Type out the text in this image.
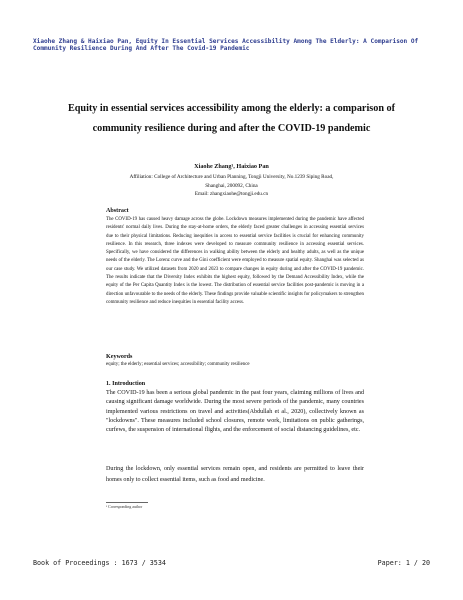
Xiaohe Zhang & Haixiao Pan, Equity In Essential Services Accessibility Among The Elderly: A Comparison Of Community Resilience During And After The Covid-19 Pandemic
Equity in essential services accessibility among the elderly: a comparison of community resilience during and after the COVID-19 pandemic
Xiaohe Zhang¹, Haixiao Pan
Affiliation: College of Architecture and Urban Planning, Tongji University, No.1239 Siping Road,
Shanghai, 200092, China
Email: zhangxiaohe@tongji.edu.cn
Abstract
The COVID-19 has caused heavy damage across the globe. Lockdown measures implemented during the pandemic have affected residents' normal daily lives. During the stay-at-home orders, the elderly faced greater challenges in accessing essential services due to their physical limitations. Reducing inequities in access to essential service facilities is crucial for enhancing community resilience. In this research, three indexes were developed to measure community resilience in accessing essential services. Specifically, we have considered the differences in walking ability between the elderly and healthy adults, as well as the unique needs of the elderly. The Lorenz curve and the Gini coefficient were employed to measure spatial equity. Shanghai was selected as our case study. We utilized datasets from 2020 and 2023 to compare changes in equity during and after the COVID-19 pandemic. The results indicate that the Diversity Index exhibits the highest equity, followed by the Demand Accessibility Index, while the equity of the Per Capita Quantity Index is the lowest. The distribution of essential service facilities post-pandemic is moving in a direction unfavourable to the needs of the elderly. These findings provide valuable scientific insights for policymakers to strengthen community resilience and reduce inequities in essential facility access.
Keywords
equity; the elderly; essential services; accessibility; community resilience
1. Introduction
The COVID-19 has been a serious global pandemic in the past four years, claiming millions of lives and causing significant damage worldwide. During the most severe periods of the pandemic, many countries implemented various restrictions on travel and activities(Abdullah et al., 2020), collectively known as "lockdowns". These measures included school closures, remote work, limitations on public gatherings, curfews, the suspension of international flights, and the enforcement of social distancing guidelines, etc.
During the lockdown, only essential services remain open, and residents are permitted to leave their homes only to collect essential items, such as food and medicine.
¹ Corresponding author
Book of Proceedings : 1673 / 3534	Paper: 1 / 20
